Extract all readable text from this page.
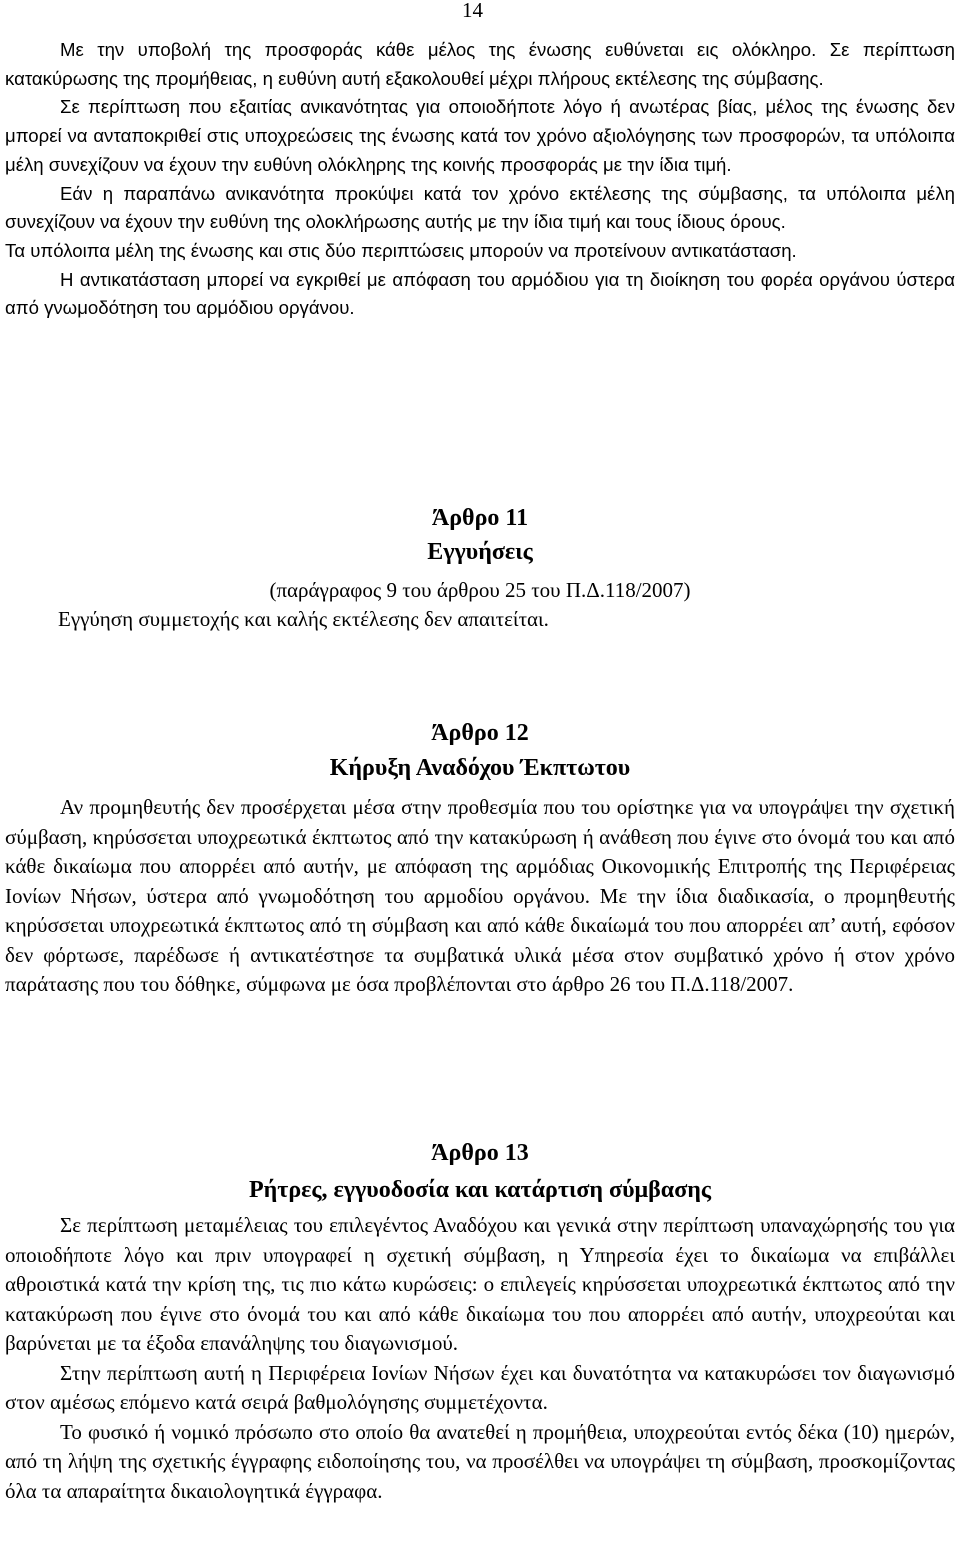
14

Με την υποβολή της προσφοράς κάθε μέλος της ένωσης ευθύνεται εις ολόκληρο. Σε περίπτωση κατακύρωσης της προμήθειας, η ευθύνη αυτή εξακολουθεί μέχρι πλήρους εκτέλεσης της σύμβασης.

Σε περίπτωση που εξαιτίας ανικανότητας για οποιοδήποτε λόγο ή ανωτέρας βίας, μέλος της ένωσης δεν μπορεί να ανταποκριθεί στις υποχρεώσεις της ένωσης κατά τον χρόνο αξιολόγησης των προσφορών, τα υπόλοιπα μέλη συνεχίζουν να έχουν την ευθύνη ολόκληρης της κοινής προσφοράς με την ίδια τιμή.

Εάν η παραπάνω ανικανότητα προκύψει κατά τον χρόνο εκτέλεσης της σύμβασης, τα υπόλοιπα μέλη συνεχίζουν να έχουν την ευθύνη της ολοκλήρωσης αυτής με την ίδια τιμή και τους ίδιους όρους.

Τα υπόλοιπα μέλη της ένωσης και στις δύο περιπτώσεις μπορούν να προτείνουν αντικατάσταση.

Η αντικατάσταση μπορεί να εγκριθεί με απόφαση του αρμόδιου για τη διοίκηση του φορέα οργάνου ύστερα από γνωμοδότηση του αρμόδιου οργάνου.

Άρθρο 11
Εγγυήσεις
(παράγραφος 9 του άρθρου 25 του Π.Δ.118/2007)
Εγγύηση συμμετοχής και καλής εκτέλεσης δεν απαιτείται.
Άρθρο 12
Κήρυξη Αναδόχου Έκπτωτου

Αν προμηθευτής δεν προσέρχεται μέσα στην προθεσμία που του ορίστηκε για να υπογράψει την σχετική σύμβαση, κηρύσσεται υποχρεωτικά έκπτωτος από την κατακύρωση ή ανάθεση που έγινε στο όνομά του και από κάθε δικαίωμα που απορρέει από αυτήν, με απόφαση της αρμόδιας Οικονομικής Επιτροπής της Περιφέρειας Ιονίων Νήσων, ύστερα από γνωμοδότηση του αρμοδίου οργάνου. Με την ίδια διαδικασία, ο προμηθευτής κηρύσσεται υποχρεωτικά έκπτωτος από τη σύμβαση και από κάθε δικαίωμά του που απορρέει απ’ αυτή, εφόσον δεν φόρτωσε, παρέδωσε ή αντικατέστησε τα συμβατικά υλικά μέσα στον συμβατικό χρόνο ή στον χρόνο παράτασης που του δόθηκε, σύμφωνα με όσα προβλέπονται στο άρθρο 26 του Π.Δ.118/2007.

Άρθρο 13
Ρήτρες, εγγυοδοσία και κατάρτιση σύμβασης

Σε περίπτωση μεταμέλειας του επιλεγέντος Αναδόχου και γενικά στην περίπτωση υπαναχώρησής του για οποιοδήποτε λόγο και πριν υπογραφεί η σχετική σύμβαση, η Υπηρεσία έχει το δικαίωμα να επιβάλλει αθροιστικά κατά την κρίση της, τις πιο κάτω κυρώσεις: ο επιλεγείς κηρύσσεται υποχρεωτικά έκπτωτος από την κατακύρωση που έγινε στο όνομά του και από κάθε δικαίωμα του που απορρέει από αυτήν, υποχρεούται και βαρύνεται με τα έξοδα επανάληψης του διαγωνισμού.

Στην περίπτωση αυτή η Περιφέρεια Ιονίων Νήσων έχει και δυνατότητα να κατακυρώσει τον διαγωνισμό στον αμέσως επόμενο κατά σειρά βαθμολόγησης συμμετέχοντα.

Το φυσικό ή νομικό πρόσωπο στο οποίο θα ανατεθεί η προμήθεια, υποχρεούται εντός δέκα (10) ημερών, από τη λήψη της σχετικής έγγραφης ειδοποίησης του, να προσέλθει να υπογράψει τη σύμβαση, προσκομίζοντας όλα τα απαραίτητα δικαιολογητικά έγγραφα.
